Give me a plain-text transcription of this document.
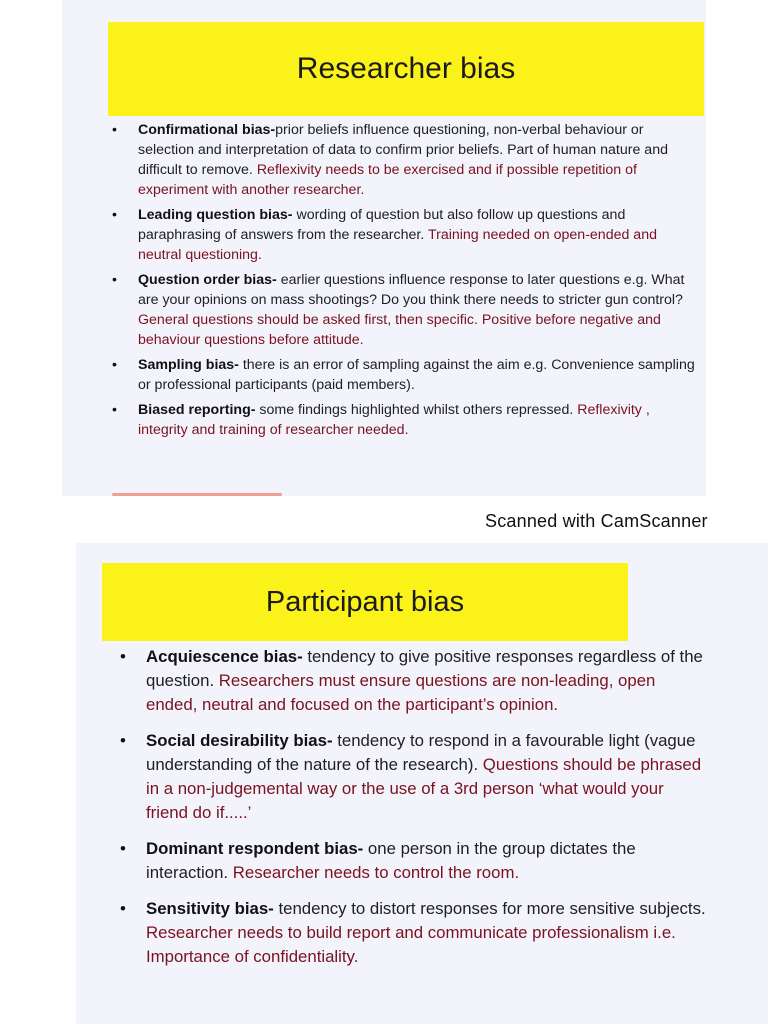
Researcher bias
• Confirmational bias-prior beliefs influence questioning, non-verbal behaviour or selection and interpretation of data to confirm prior beliefs. Part of human nature and difficult to remove. Reflexivity needs to be exercised and if possible repetition of experiment with another researcher.
• Leading question bias- wording of question but also follow up questions and paraphrasing of answers from the researcher. Training needed on open-ended and neutral questioning.
• Question order bias- earlier questions influence response to later questions e.g. What are your opinions on mass shootings? Do you think there needs to stricter gun control? General questions should be asked first, then specific. Positive before negative and behaviour questions before attitude.
• Sampling bias- there is an error of sampling against the aim e.g. Convenience sampling or professional participants (paid members).
• Biased reporting- some findings highlighted whilst others repressed. Reflexivity , integrity and training of researcher needed.
Scanned with CamScanner
Participant bias
• Acquiescence bias- tendency to give positive responses regardless of the question. Researchers must ensure questions are non-leading, open ended, neutral and focused on the participant’s opinion.
• Social desirability bias- tendency to respond in a favourable light (vague understanding of the nature of the research). Questions should be phrased in a non-judgemental way or the use of a 3rd person ‘what would your friend do if.....’
• Dominant respondent bias- one person in the group dictates the interaction. Researcher needs to control the room.
• Sensitivity bias- tendency to distort responses for more sensitive subjects. Researcher needs to build report and communicate professionalism i.e. Importance of confidentiality.
